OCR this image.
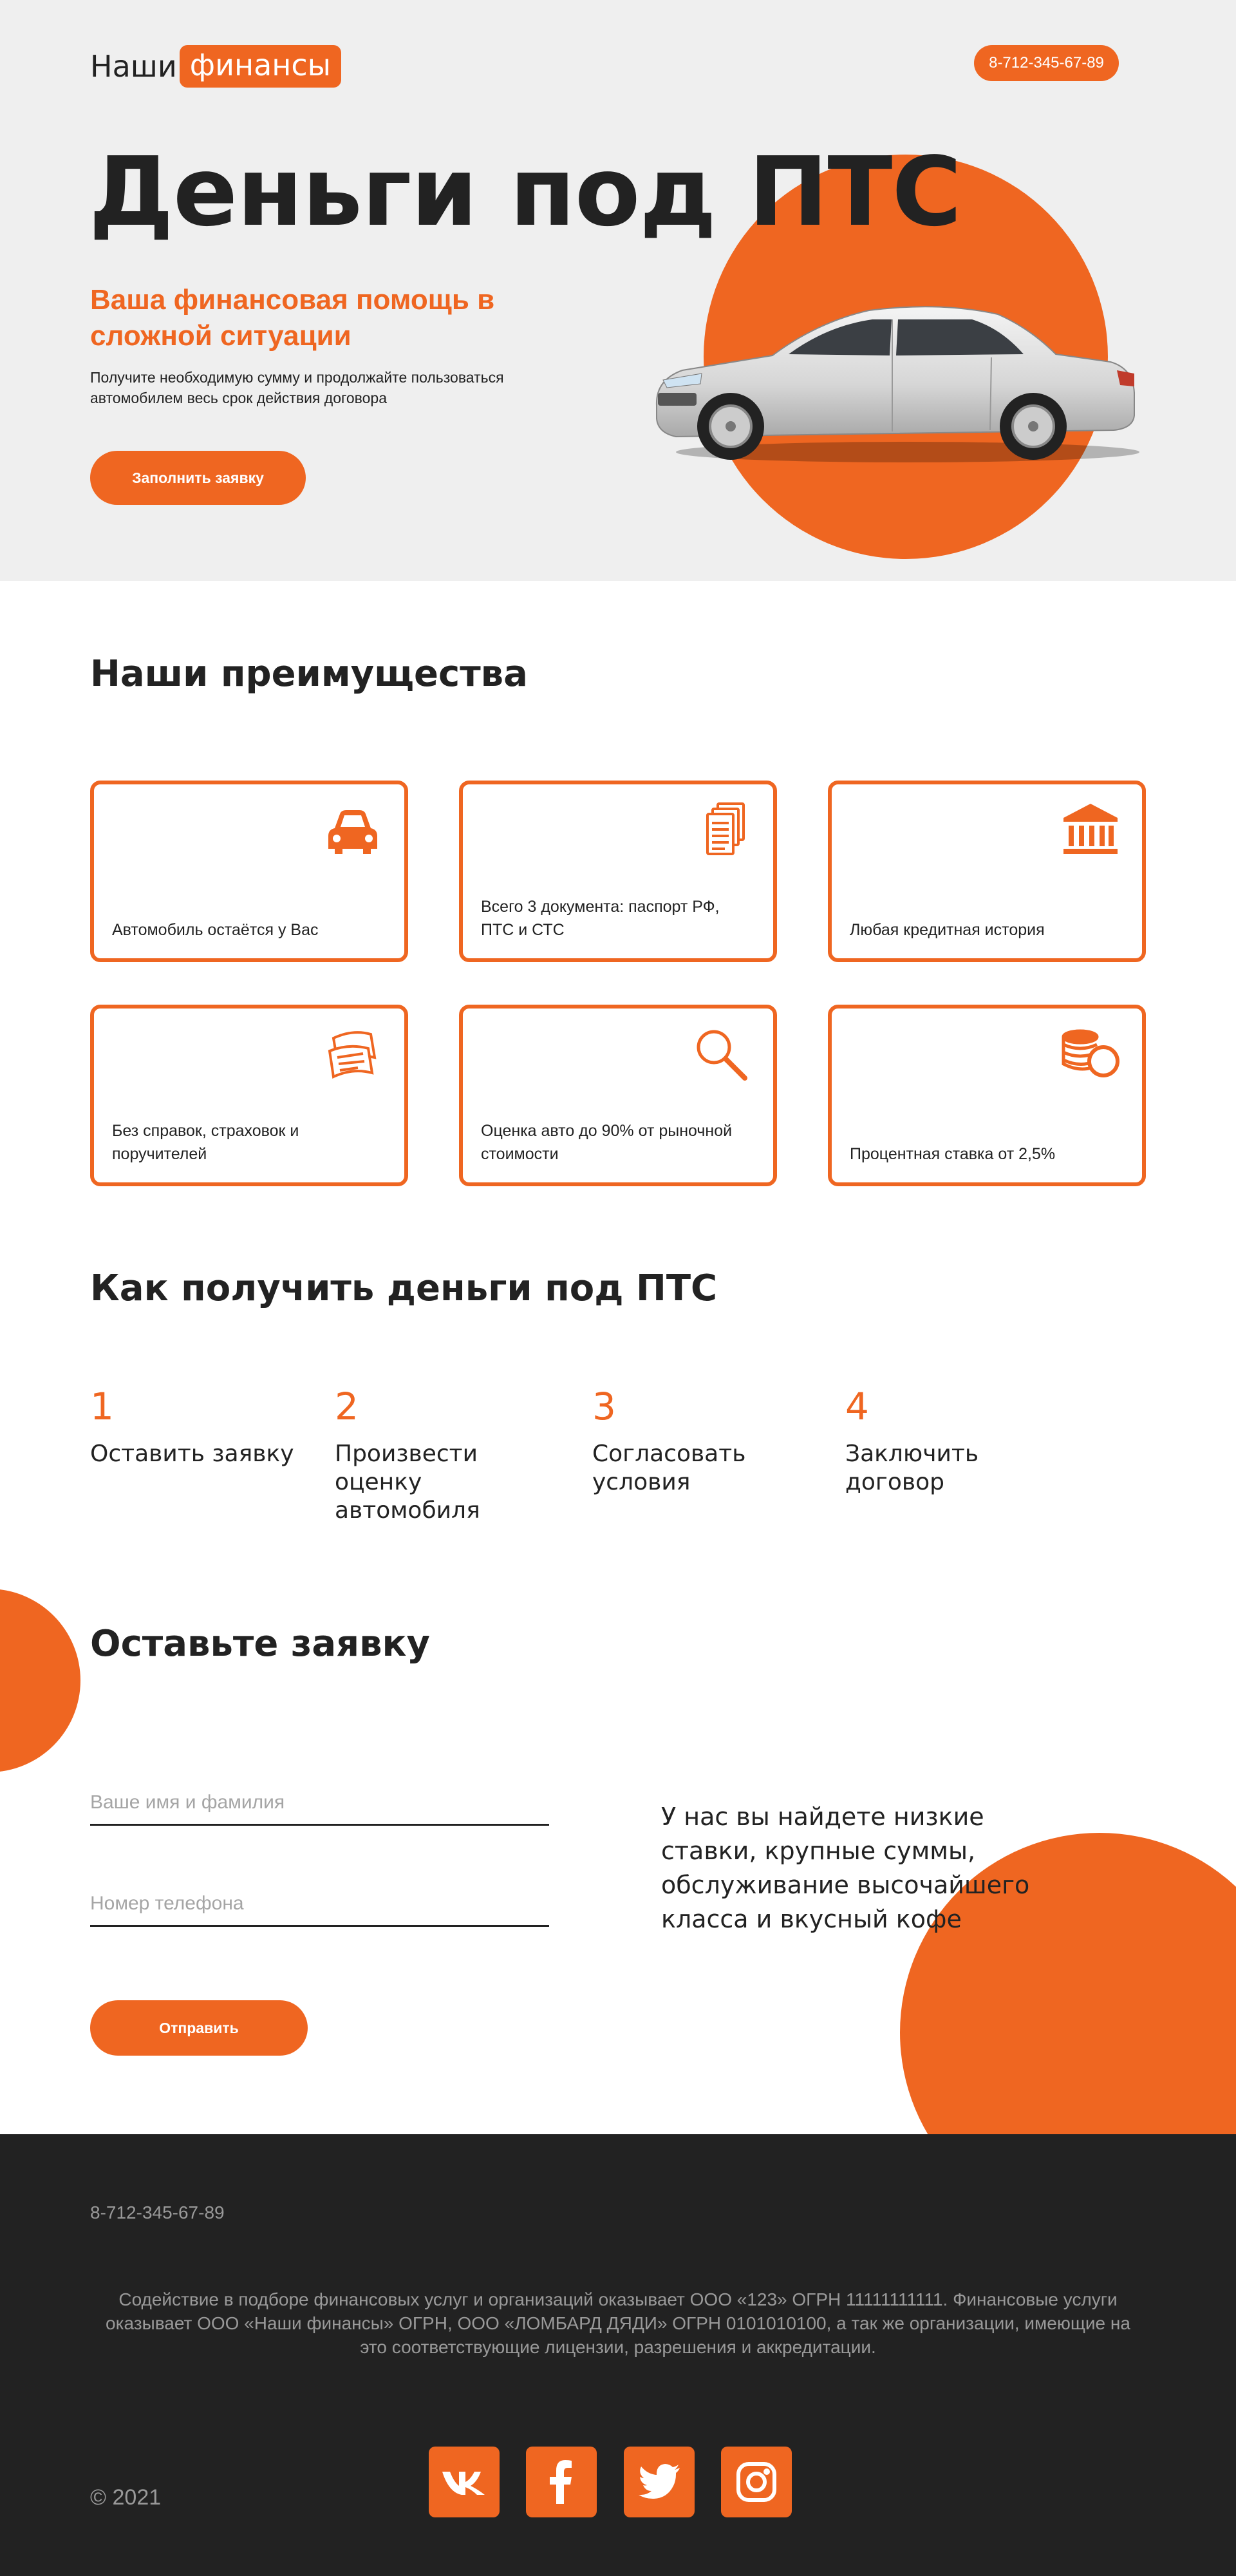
Наши финансы	8-712-345-67-89
Деньги под ПТС

Ваша финансовая помощь в сложной ситуации

Получите необходимую сумму и продолжайте пользоваться автомобилем весь срок действия договора

Заполнить заявку
Наши преимущества

Автомобиль остаётся у Вас

Всего 3 документа: паспорт РФ, ПТС и СТС	Любая кредитная история

Без справок, страховок и поручителей

Оценка авто до 90% от рыночной стоимости	Процентная ставка от 2,5%

Как получить деньги под ПТС
1
Оставить заявку
2
Произвести оценку автомобиля
3
Согласовать условия
4
Заключить договор
Оставьте заявку
Ваше имя и фамилия
Номер телефона
Отправить

У нас вы найдете низкие ставки, крупные суммы, обслуживание высочайшего класса и вкусный кофе

8-712-345-67-89

Содействие в подборе финансовых услуг и организаций оказывает ООО «123» ОГРН 11111111111. Финансовые услуги оказывает ООО «Наши финансы» ОГРН, ООО «ЛОМБАРД ДЯДИ» ОГРН 0101010100, а так же организации, имеющие на это соответствующие лицензии, разрешения и аккредитации.

© 2021
